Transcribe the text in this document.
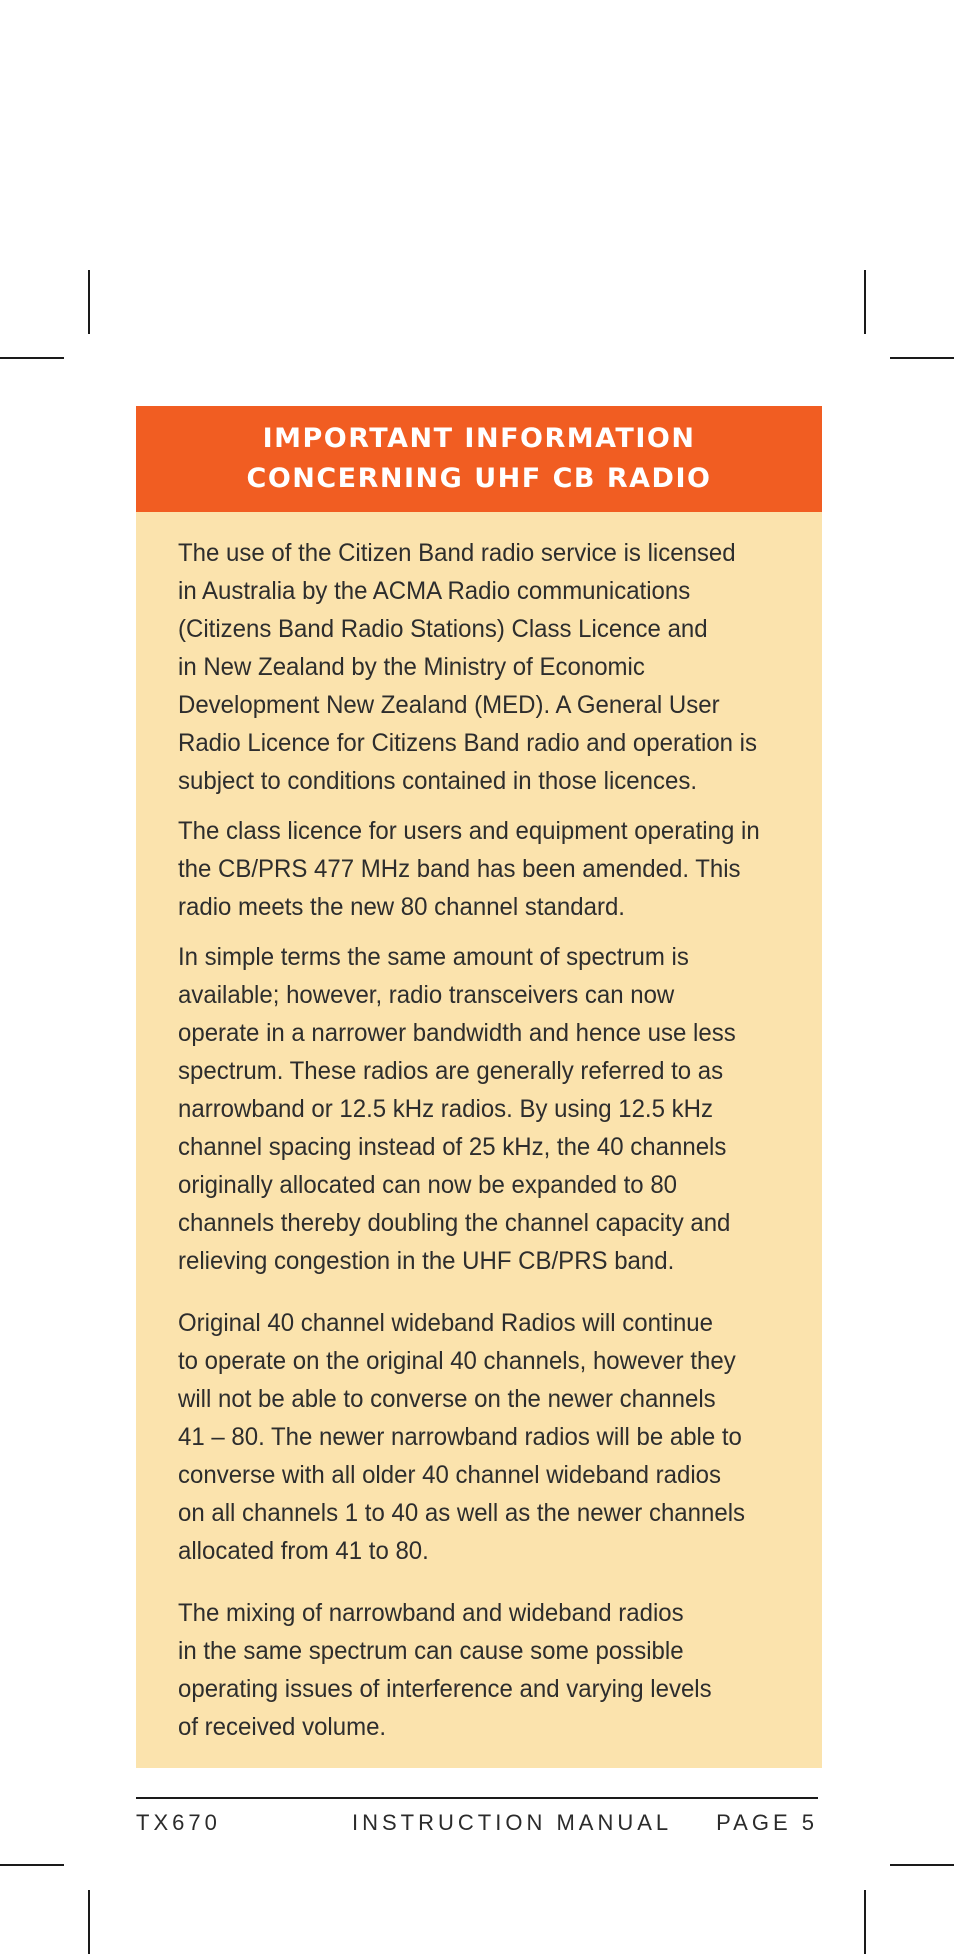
IMPORTANT INFORMATION
CONCERNING UHF CB RADIO

The use of the Citizen Band radio service is licensed
in Australia by the ACMA Radio communications
(Citizens Band Radio Stations) Class Licence and
in New Zealand by the Ministry of Economic
Development New Zealand (MED). A General User
Radio Licence for Citizens Band radio and operation is
subject to conditions contained in those licences.

The class licence for users and equipment operating in
the CB/PRS 477 MHz band has been amended. This
radio meets the new 80 channel standard.

In simple terms the same amount of spectrum is
available; however, radio transceivers can now
operate in a narrower bandwidth and hence use less
spectrum. These radios are generally referred to as
narrowband or 12.5 kHz radios. By using 12.5 kHz
channel spacing instead of 25 kHz, the 40 channels
originally allocated can now be expanded to 80
channels thereby doubling the channel capacity and
relieving congestion in the UHF CB/PRS band.

Original 40 channel wideband Radios will continue
to operate on the original 40 channels, however they
will not be able to converse on the newer channels
41 – 80. The newer narrowband radios will be able to
converse with all older 40 channel wideband radios
on all channels 1 to 40 as well as the newer channels
allocated from 41 to 80.

The mixing of narrowband and wideband radios
in the same spectrum can cause some possible
operating issues of interference and varying levels
of received volume.

TX670	INSTRUCTION MANUAL PAGE 5
